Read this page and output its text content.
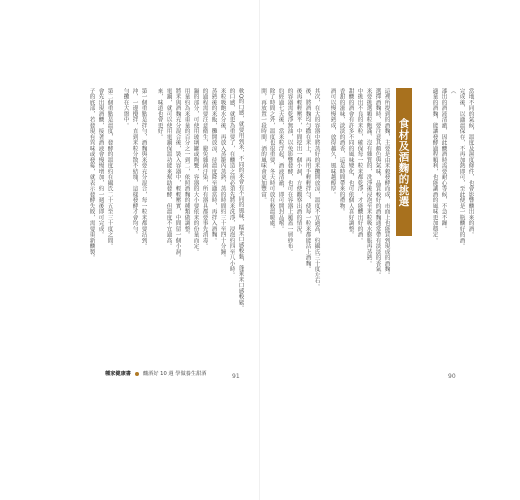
食材及酒麴的挑選	當地不同的氣候，溫度及濕度條件，也會影響釀出來的酒。
完成後，以適溫保存，不再加熱即可，至此便是一瓶釀好的酒。
（
漆出的酒液清澈，因此釀酒時需要耐心等候，不急不躁。
適量的酒麴，能讓發酵過程順利，也能讓酒的風味更加穩定。
這裡所提到的酒麴，主要是由米穀發酵而成，市面上也能買到現成的酒麴。
選擇酒麴時，要注意其顏色與氣味，品質較好的酒麴通常帶有淡淡的香氣。
米要挑選顆粒飽滿、沒有雜質的，洗淨後浸泡至米粒吸水膨脹再蒸熟。
中挑出不良的米粒，確保每一粒米都乾淨，才能釀出好的酒。
甜釀的酒會有許多不同的風味變化，也可依個人喜好調整。
香甜的滋味，淡淡的酒香，這是時間帶來的禮物。
酒可以慢慢熟成，放得越久，風味越醇厚。
其次，在大的容器中將蒸好的米攤開放涼，溫度不宜過高，約攝氏三十度左右。
後，將酒麴均勻撒在米上，再用手輕輕拌勻，使每一粒米都能沾上酒麴。
後再輕輕壓平，中間挖出一個小洞，方便觀察出酒的情況。
的容器需乾淨無油，以免影響發酵，也可在容器上覆蓋一層紗布。
約經過七天後，當米粒浮起，酒液清澈，即可開封品嚐。
除了時間之外，溫度也很重要，冬天時可放在較溫暖處。
開，再放置一段時間，酒的風味會更加豐富。
90
軟Q的口感，就要用到米，不同的米會有不同的風味，糯米口感較黏，蓬萊米口感較鬆。
的口感，就更為重要了，在釀造之前必須先將米洗淨，浸泡約四至八小時。
米粒吸飽水分後，再放入蒸籠內蒸熟，蒸的時間約三十至四十分鐘。
蒸熟後的米飯，攤開放涼，待溫度降至適當時，再拌入酒麴。
的過程需要注意衛生，避免雜菌汙染，所有器具都要事先消毒。
鍋的部分，可使用玻璃罐或陶甕，容器的大小要依米的份量而定。
用量約為米重量的百分之一到二，依照酒麴的種類做調整。
將米與酒麴充分混合後，裝入容器中，輕輕壓實，中間留一個小洞。
電鍋，就可以使用電鍋保溫功能來幫助發酵，但溫度不宜過高。
來，味道也會更好。
第一個重點是拌勻，酒麴與米要充分混合，每一粒米都要沾到。
沖，一邊攪拌，直到米粒分散不結塊，這樣發酵才會均勻。
勻攤在大盤中。
第二個重點是溫度，發酵的溫度約在攝氏二十五至三十度之間。
會先出現酒釀，接著酒液會慢慢增加，約一週後即可完成。
子的底部，若發現有異味或發霉，就表示發酵失敗，需要重新釀製。
種家健康書 釀酒好 10 週 學做養生甜酒	91
